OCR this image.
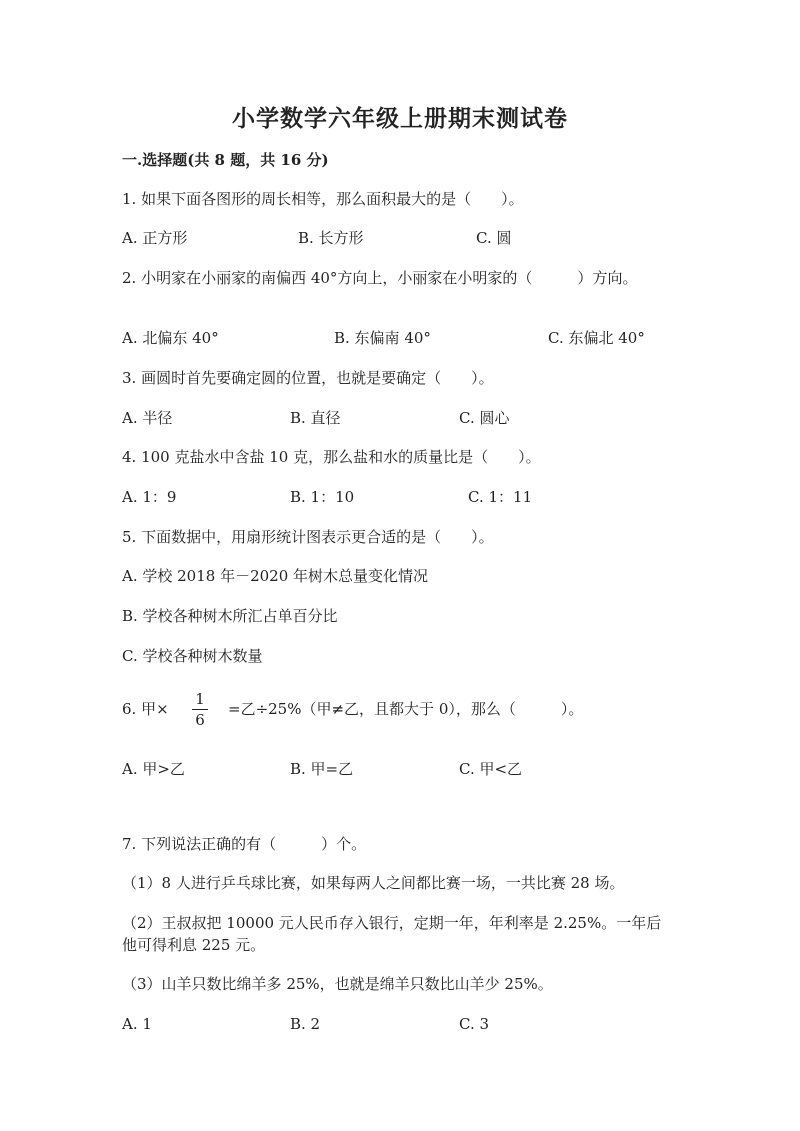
小学数学六年级上册期末测试卷
一.选择题(共 8 题，共 16 分)
1. 如果下面各图形的周长相等，那么面积最大的是（　　）。
A. 正方形	B. 长方形	C. 圆
2. 小明家在小丽家的南偏西 40°方向上，小丽家在小明家的（　　　）方向。
A. 北偏东 40°	B. 东偏南 40°	C. 东偏北 40°
3. 画圆时首先要确定圆的位置，也就是要确定（　　）。
A. 半径	B. 直径	C. 圆心
4. 100 克盐水中含盐 10 克，那么盐和水的质量比是（　　）。
A. 1：9	B. 1：10	C. 1：11
5. 下面数据中，用扇形统计图表示更合适的是（　　）。
A. 学校 2018 年－2020 年树木总量变化情况
B. 学校各种树木所汇占单百分比
C. 学校各种树木数量
6. 甲×
1
6
=乙÷25%（甲≠乙，且都大于 0），那么（　　　）。
A. 甲>乙	B. 甲=乙	C. 甲<乙
7. 下列说法正确的有（　　　）个。
（1）8 人进行乒乓球比赛，如果每两人之间都比赛一场，一共比赛 28 场。
（2）王叔叔把 10000 元人民币存入银行，定期一年，年利率是 2.25%。一年后
他可得利息 225 元。
（3）山羊只数比绵羊多 25%，也就是绵羊只数比山羊少 25%。
A. 1	B. 2	C. 3
